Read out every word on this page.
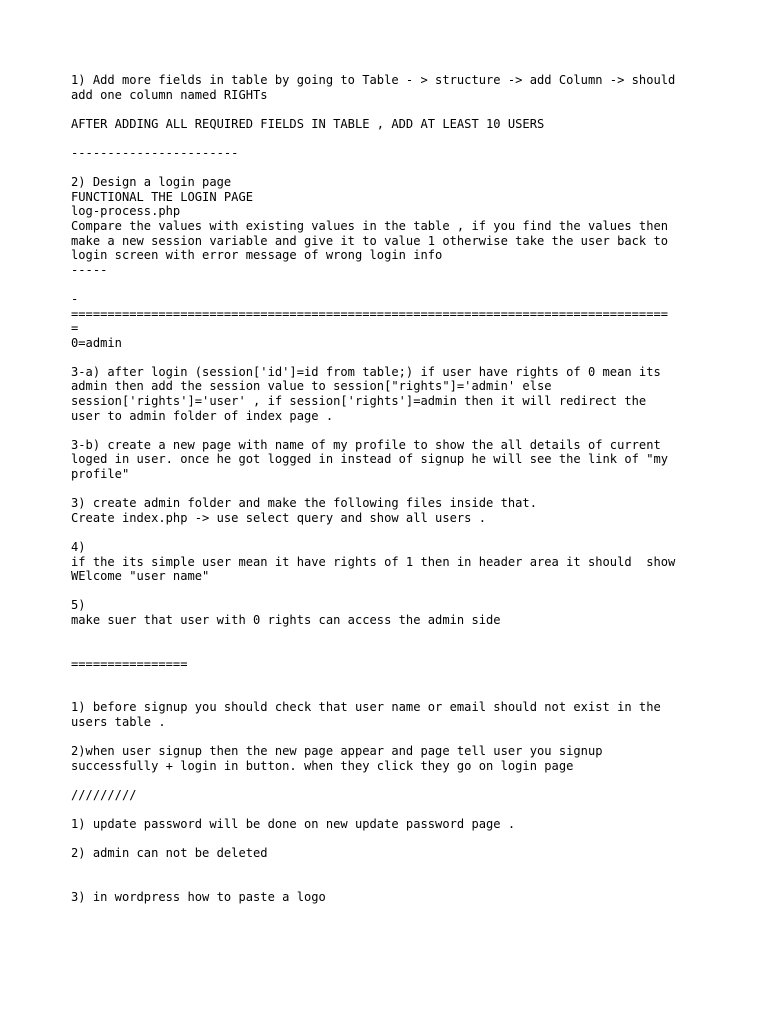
1) Add more fields in table by going to Table - > structure -> add Column -> should
add one column named RIGHTs
AFTER ADDING ALL REQUIRED FIELDS IN TABLE , ADD AT LEAST 10 USERS
-----------------------
2) Design a login page
FUNCTIONAL THE LOGIN PAGE
log-process.php
Compare the values with existing values in the table , if you find the values then
make a new session variable and give it to value 1 otherwise take the user back to
login screen with error message of wrong login info
-----
-
==================================================================================
=
0=admin
3-a) after login (session['id']=id from table;) if user have rights of 0 mean its
admin then add the session value to session["rights"]='admin' else
session['rights']='user' , if session['rights']=admin then it will redirect the
user to admin folder of index page .
3-b) create a new page with name of my profile to show the all details of current
loged in user. once he got logged in instead of signup he will see the link of "my
profile"
3) create admin folder and make the following files inside that.
Create index.php -> use select query and show all users .
4)
if the its simple user mean it have rights of 1 then in header area it should  show
WElcome "user name"
5)
make suer that user with 0 rights can access the admin side
================
1) before signup you should check that user name or email should not exist in the
users table .
2)when user signup then the new page appear and page tell user you signup
successfully + login in button. when they click they go on login page
/////////
1) update password will be done on new update password page .
2) admin can not be deleted
3) in wordpress how to paste a logo
